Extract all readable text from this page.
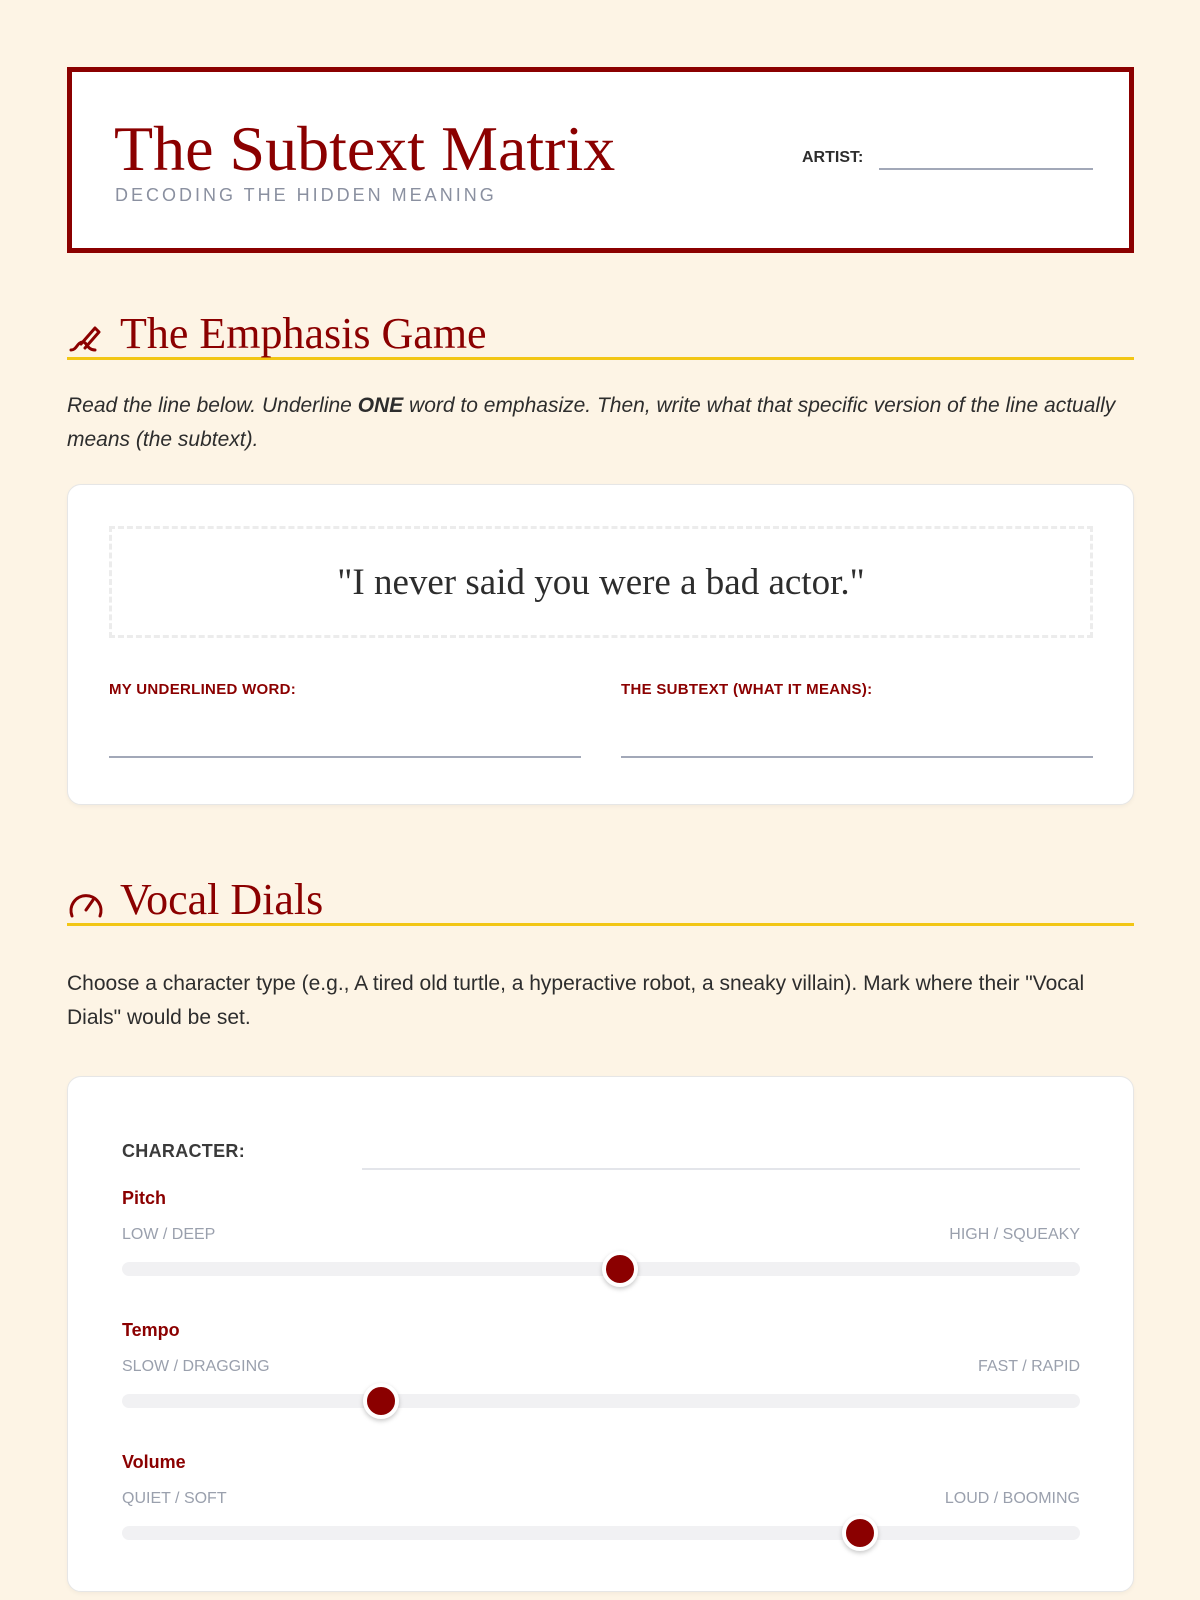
The Subtext Matrix
DECODING THE HIDDEN MEANING
ARTIST:
The Emphasis Game
Read the line below. Underline ONE word to emphasize. Then, write what that specific version of the line actually means (the subtext).
"I never said you were a bad actor."
MY UNDERLINED WORD:	THE SUBTEXT (WHAT IT MEANS):
Vocal Dials
Choose a character type (e.g., A tired old turtle, a hyperactive robot, a sneaky villain). Mark where their "Vocal Dials" would be set.
CHARACTER:
Pitch
LOW / DEEP	HIGH / SQUEAKY
Tempo
SLOW / DRAGGING	FAST / RAPID
Volume
QUIET / SOFT	LOUD / BOOMING
